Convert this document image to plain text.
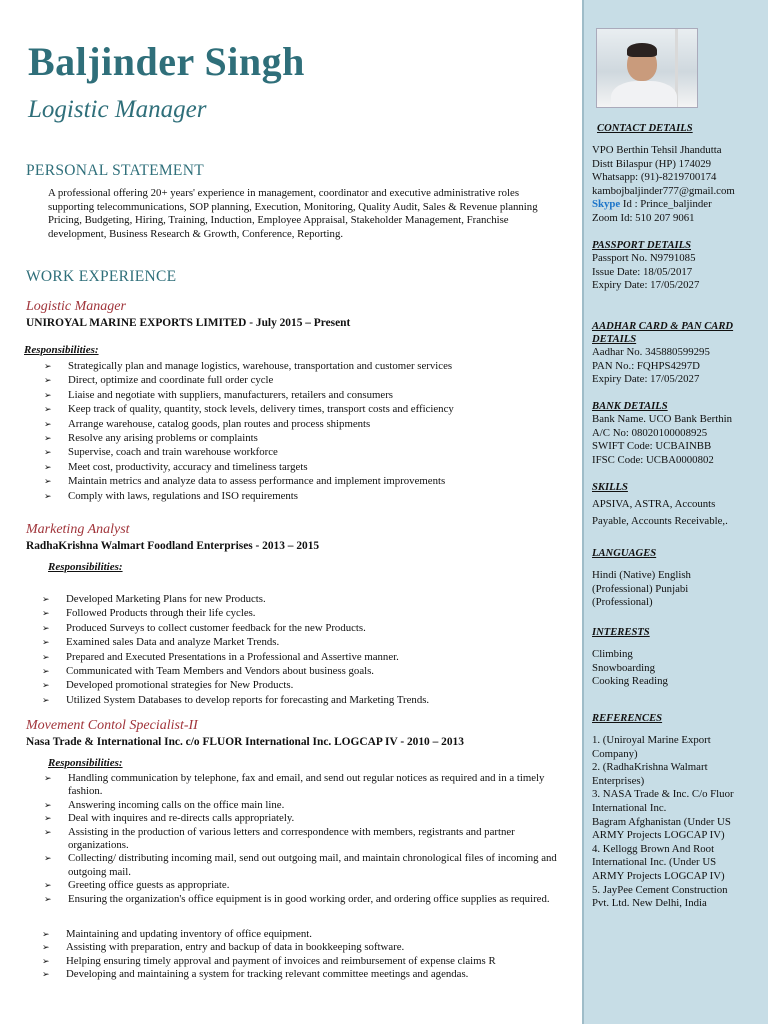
Baljinder Singh
Logistic Manager
PERSONAL STATEMENT
A professional offering 20+ years' experience in management, coordinator and executive administrative roles supporting telecommunications, SOP planning, Execution, Monitoring, Quality Audit, Sales & Revenue planning Pricing, Budgeting, Hiring, Training, Induction, Employee Appraisal, Stakeholder Management, Franchise development, Business Research & Growth, Conference, Reporting.
WORK EXPERIENCE
Logistic Manager
UNIROYAL MARINE EXPORTS LIMITED - July 2015 – Present
Responsibilities:
➢ Strategically plan and manage logistics, warehouse, transportation and customer services
➢ Direct, optimize and coordinate full order cycle
➢ Liaise and negotiate with suppliers, manufacturers, retailers and consumers
➢ Keep track of quality, quantity, stock levels, delivery times, transport costs and efficiency
➢ Arrange warehouse, catalog goods, plan routes and process shipments
➢ Resolve any arising problems or complaints
➢ Supervise, coach and train warehouse workforce
➢ Meet cost, productivity, accuracy and timeliness targets
➢ Maintain metrics and analyze data to assess performance and implement improvements
➢ Comply with laws, regulations and ISO requirements
Marketing Analyst
RadhaKrishna Walmart Foodland Enterprises - 2013 – 2015
Responsibilities:
➢ Developed Marketing Plans for new Products.
➢ Followed Products through their life cycles.
➢ Produced Surveys to collect customer feedback for the new Products.
➢ Examined sales Data and analyze Market Trends.
➢ Prepared and Executed Presentations in a Professional and Assertive manner.
➢ Communicated with Team Members and Vendors about business goals.
➢ Developed promotional strategies for New Products.
➢ Utilized System Databases to develop reports for forecasting and Marketing Trends.
Movement Contol Specialist-II
Nasa Trade & International Inc. c/o FLUOR International Inc. LOGCAP IV - 2010 – 2013
Responsibilities:
➢ Handling communication by telephone, fax and email, and send out regular notices as required and in a timely fashion.
➢ Answering incoming calls on the office main line.
➢ Deal with inquires and re-directs calls appropriately.
➢ Assisting in the production of various letters and correspondence with members, registrants and partner organizations.
➢ Collecting/ distributing incoming mail, send out outgoing mail, and maintain chronological files of incoming and outgoing mail.
➢ Greeting office guests as appropriate.
➢ Ensuring the organization's office equipment is in good working order, and ordering office supplies as required.
➢ Maintaining and updating inventory of office equipment.
➢ Assisting with preparation, entry and backup of data in bookkeeping software.
➢ Helping ensuring timely approval and payment of invoices and reimbursement of expense claims R
➢ Developing and maintaining a system for tracking relevant committee meetings and agendas.
CONTACT DETAILS
VPO Berthin Tehsil Jhandutta
Distt Bilaspur (HP) 174029
Whatsapp: (91)-8219700174
kambojbaljinder777@gmail.com
Skype Id : Prince_baljinder
Zoom Id: 510 207 9061
PASSPORT DETAILS
Passport No. N9791085
Issue Date: 18/05/2017
Expiry Date: 17/05/2027
AADHAR CARD & PAN CARD DETAILS
Aadhar No. 345880599295
PAN No.: FQHPS4297D
Expiry Date: 17/05/2027
BANK DETAILS
Bank Name. UCO Bank Berthin
A/C No: 08020100008925
SWIFT Code: UCBAINBB
IFSC Code: UCBA0000802
SKILLS
APSIVA, ASTRA, Accounts
Payable, Accounts Receivable,.
LANGUAGES
Hindi (Native) English
(Professional) Punjabi
(Professional)
INTERESTS
Climbing
Snowboarding
Cooking Reading
REFERENCES
1. (Uniroyal Marine Export
Company)
2. (RadhaKrishna Walmart
Enterprises)
3. NASA Trade & Inc. C/o Fluor
International Inc.
Bagram Afghanistan (Under US
ARMY Projects LOGCAP IV)
4. Kellogg Brown And Root
International Inc. (Under US
ARMY Projects LOGCAP IV)
5. JayPee Cement Construction
Pvt. Ltd. New Delhi, India
